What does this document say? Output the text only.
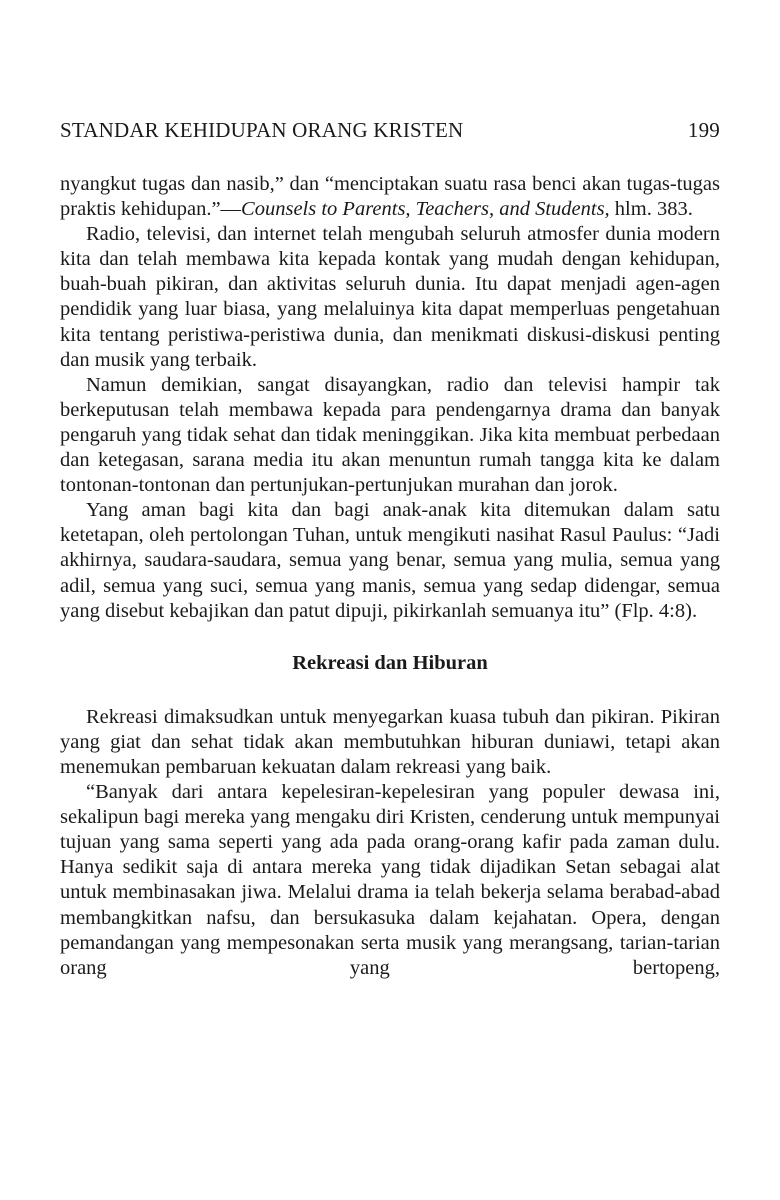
STANDAR KEHIDUPAN ORANG KRISTEN	199

nyangkut tugas dan nasib,” dan “menciptakan suatu rasa benci akan tugas-tugas praktis kehidupan.”—Counsels to Parents, Teachers, and Students, hlm. 383.

Radio, televisi, dan internet telah mengubah seluruh atmosfer dunia modern kita dan telah membawa kita kepada kontak yang mudah dengan kehidupan, buah-buah pikiran, dan aktivitas seluruh dunia. Itu dapat menjadi agen-agen pendidik yang luar biasa, yang melaluinya kita dapat memperluas pengetahuan kita tentang peristiwa-peristiwa dunia, dan menikmati diskusi-diskusi penting dan musik yang terbaik.

Namun demikian, sangat disayangkan, radio dan televisi hampir tak berkeputusan telah membawa kepada para pendengarnya drama dan banyak pengaruh yang tidak sehat dan tidak meninggikan. Jika kita membuat perbedaan dan ketegasan, sarana media itu akan menuntun rumah tangga kita ke dalam tontonan-tontonan dan pertunjukan-pertunjukan murahan dan jorok.

Yang aman bagi kita dan bagi anak-anak kita ditemukan dalam satu ketetapan, oleh pertolongan Tuhan, untuk mengikuti nasihat Rasul Paulus: “Jadi akhirnya, saudara-saudara, semua yang benar, semua yang mulia, semua yang adil, semua yang suci, semua yang manis, semua yang sedap didengar, semua yang disebut kebajikan dan patut dipuji, pikirkanlah semuanya itu” (Flp. 4:8).

Rekreasi dan Hiburan

Rekreasi dimaksudkan untuk menyegarkan kuasa tubuh dan pikiran. Pikiran yang giat dan sehat tidak akan membutuhkan hiburan duniawi, tetapi akan menemukan pembaruan kekuatan dalam rekreasi yang baik.

“Banyak dari antara kepelesiran-kepelesiran yang populer dewasa ini, sekalipun bagi mereka yang mengaku diri Kristen, cenderung untuk mempunyai tujuan yang sama seperti yang ada pada orang-orang kafir pada zaman dulu. Hanya sedikit saja di antara mereka yang tidak dijadikan Setan sebagai alat untuk membinasakan jiwa. Melalui drama ia telah bekerja selama berabad-abad membangkitkan nafsu, dan bersukasuka dalam kejahatan. Opera, dengan pemandangan yang mempesonakan serta musik yang merangsang, tarian-tarian orang yang bertopeng,
